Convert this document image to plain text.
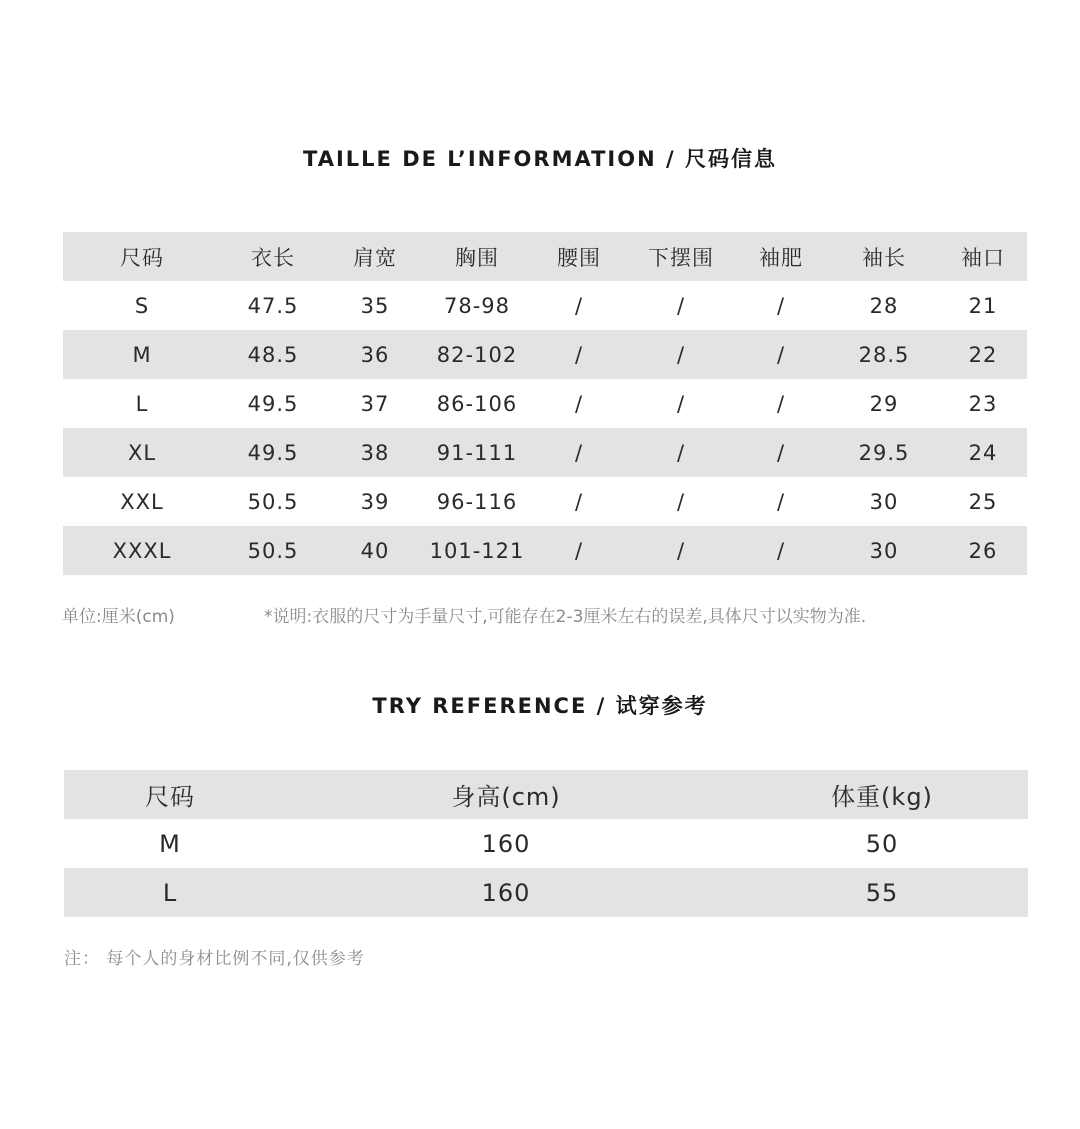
TAILLE DE L’INFORMATION / 尺码信息
尺码	衣长	肩宽	胸围	腰围	下摆围	袖肥	袖长	袖口
S	47.5	35	78-98	/	/	/	28	21
M	48.5	36	82-102	/	/	/	28.5	22
L	49.5	37	86-106	/	/	/	29	23
XL	49.5	38	91-111	/	/	/	29.5	24
XXL	50.5	39	96-116	/	/	/	30	25
XXXL	50.5	40	101-121	/	/	/	30	26
单位:厘米(cm)	*说明:衣服的尺寸为手量尺寸,可能存在2-3厘米左右的误差,具体尺寸以实物为准.
TRY REFERENCE / 试穿参考
尺码	身高(cm)	体重(kg)
M	160	50
L	160	55
注： 每个人的身材比例不同,仅供参考
